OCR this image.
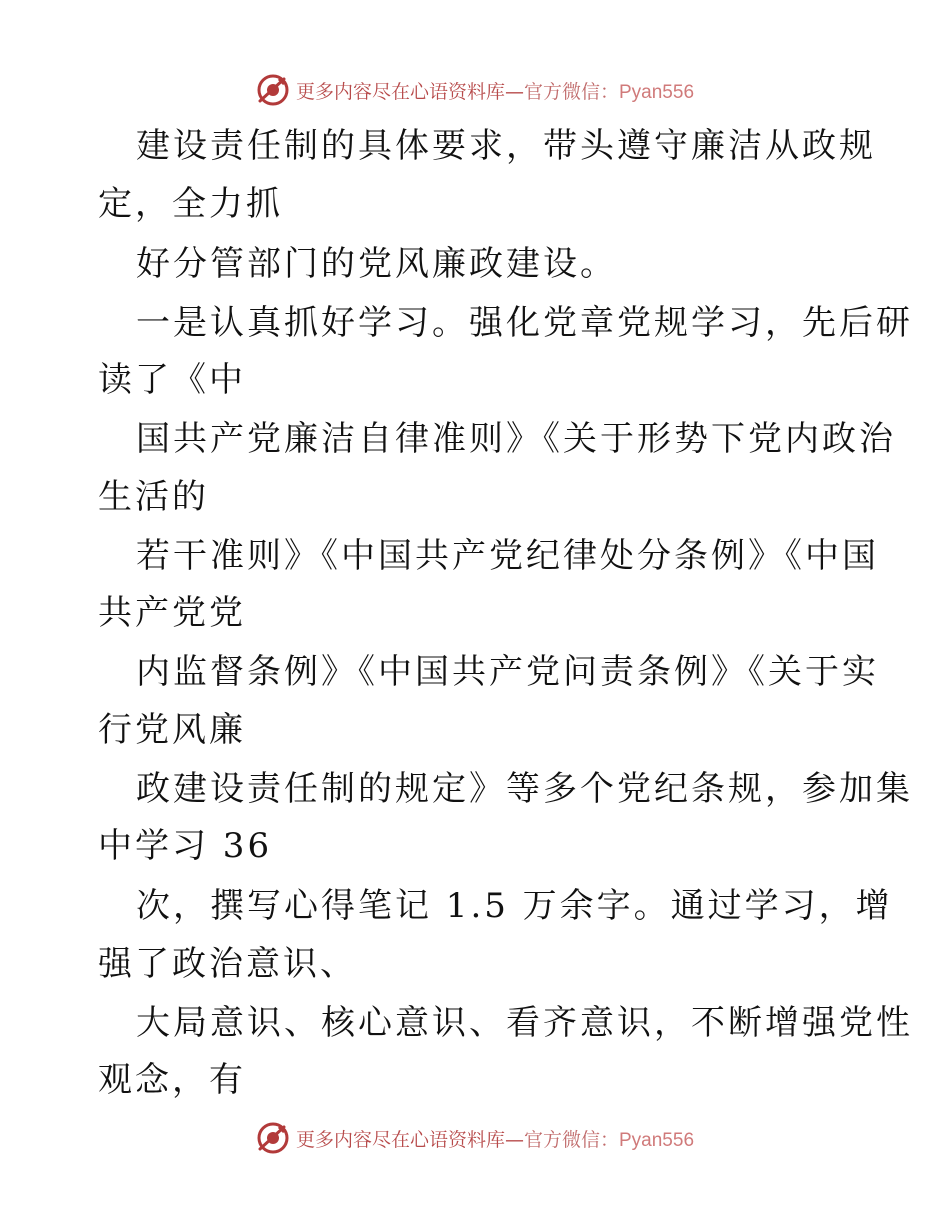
更多内容尽在心语资料库—官方微信：Pyan556
建设责任制的具体要求，带头遵守廉洁从政规
定，全力抓
好分管部门的党风廉政建设。
一是认真抓好学习。强化党章党规学习，先后研
读了《中
国共产党廉洁自律准则》《关于形势下党内政治
生活的
若干准则》《中国共产党纪律处分条例》《中国
共产党党
内监督条例》《中国共产党问责条例》《关于实
行党风廉
政建设责任制的规定》等多个党纪条规，参加集
中学习 36
次，撰写心得笔记 1.5 万余字。通过学习，增
强了政治意识、
大局意识、核心意识、看齐意识，不断增强党性
观念，有
更多内容尽在心语资料库—官方微信：Pyan556
